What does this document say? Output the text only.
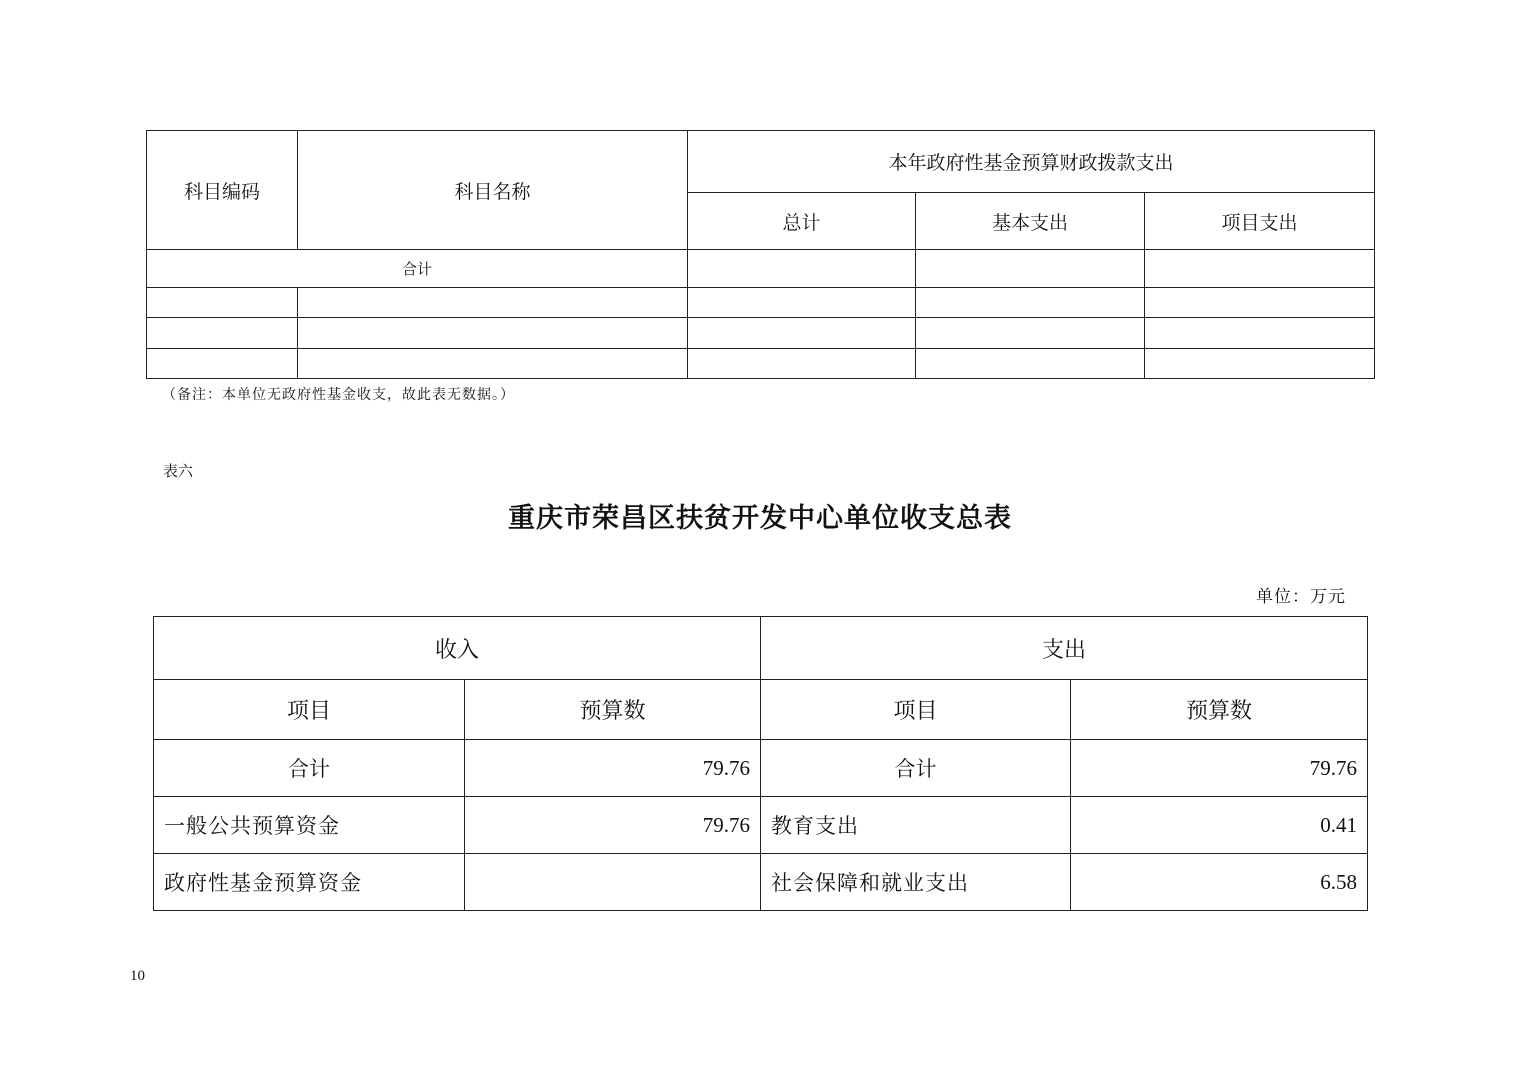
科目编码	科目名称	本年政府性基金预算财政拨款支出		
		总计	基本支出	项目支出
合计				

（备注：本单位无政府性基金收支，故此表无数据。）
表六
重庆市荣昌区扶贫开发中心单位收支总表
单位：万元
收入		支出	
项目	预算数	项目	预算数
合计	79.76	合计	79.76
一般公共预算资金	79.76	教育支出	0.41
政府性基金预算资金		社会保障和就业支出	6.58
10
